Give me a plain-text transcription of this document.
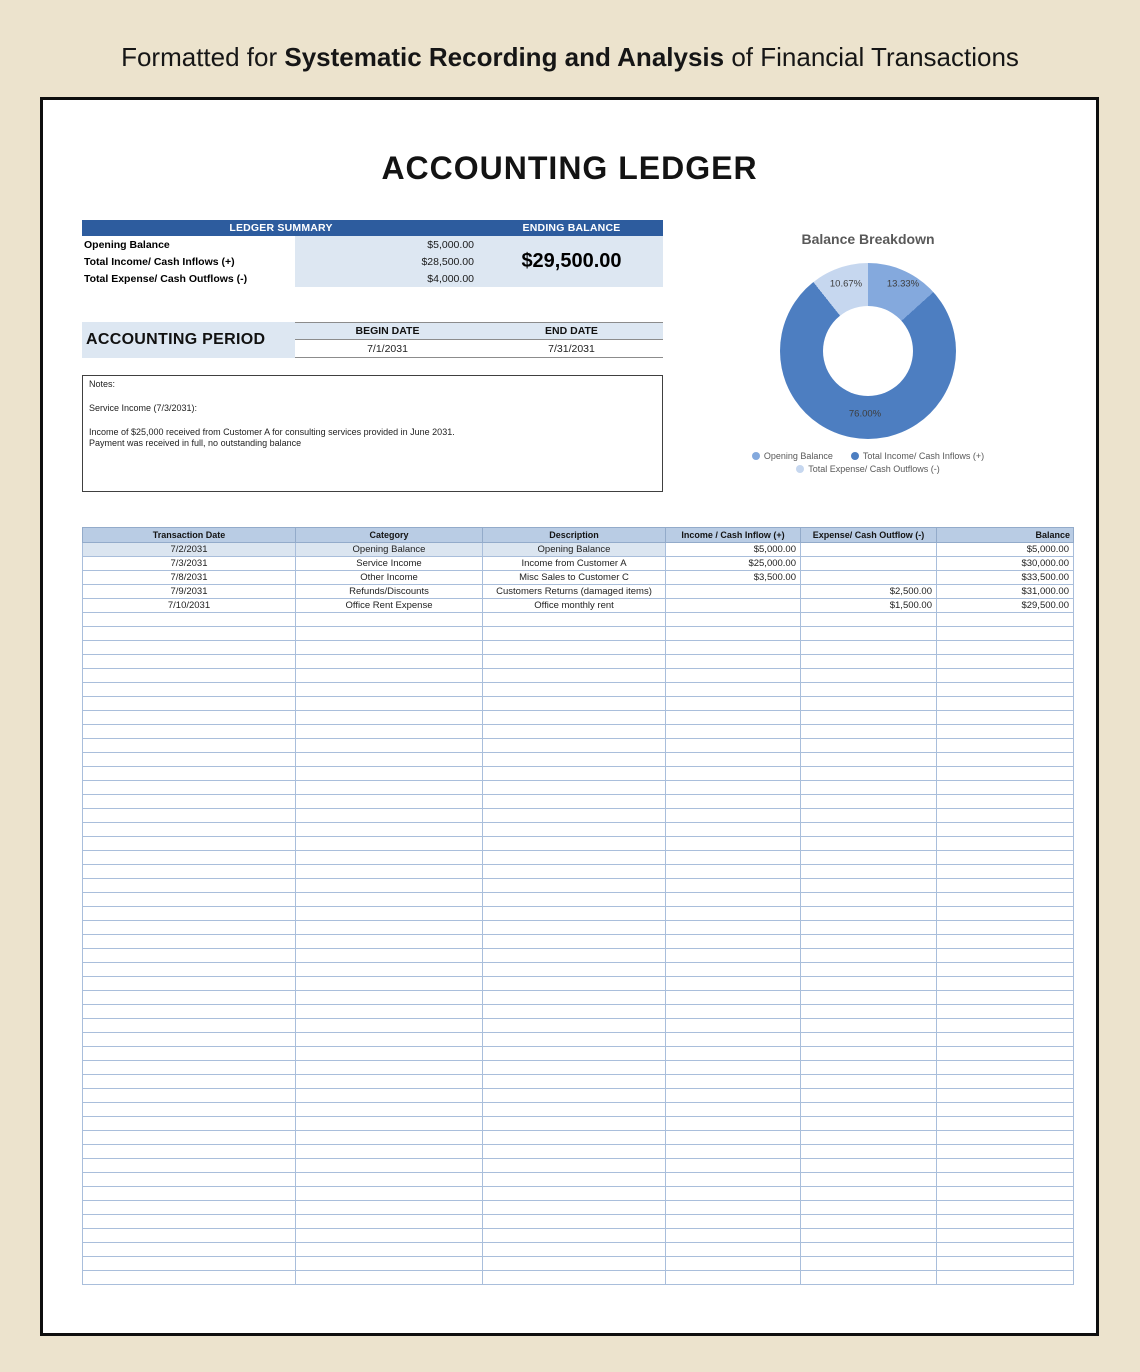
Formatted for Systematic Recording and Analysis of Financial Transactions
ACCOUNTING LEDGER
LEDGER SUMMARY	ENDING BALANCE
Opening Balance	$5,000.00
$29,500.00
Total Income/ Cash Inflows (+)	$28,500.00
Total Expense/ Cash Outflows (-)	$4,000.00
ACCOUNTING PERIOD	BEGIN DATE	END DATE
7/1/2031	7/31/2031
Notes:
Service Income (7/3/2031):
Income of $25,000 received from Customer A for consulting services provided in June 2031.
Payment was received in full, no outstanding balance
Balance Breakdown
13.33%
76.00%
10.67%
Opening Balance	Total Income/ Cash Inflows (+)
Total Expense/ Cash Outflows (-)
Transaction Date	Category	Description	Income / Cash Inflow (+)	Expense/ Cash Outflow (-)	Balance
7/2/2031	Opening Balance	Opening Balance	$5,000.00		$5,000.00
7/3/2031	Service Income	Income from Customer A	$25,000.00		$30,000.00
7/8/2031	Other Income	Misc Sales to Customer C	$3,500.00		$33,500.00
7/9/2031	Refunds/Discounts	Customers Returns (damaged items)		$2,500.00	$31,000.00
7/10/2031	Office Rent Expense	Office monthly rent		$1,500.00	$29,500.00
